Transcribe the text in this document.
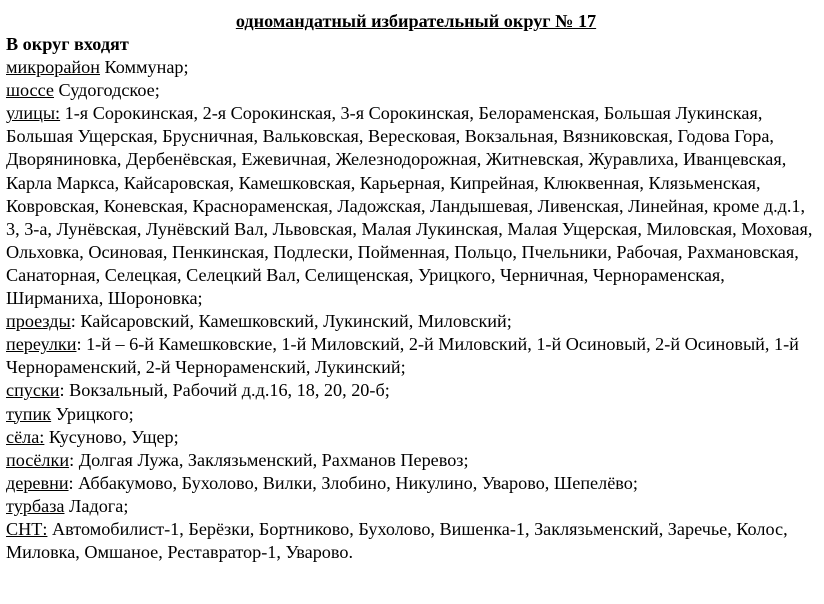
одномандатный избирательный округ № 17

В округ входят

микрорайон Коммунар;

шоссе Судогодское;

улицы: 1-я Сорокинская, 2-я Сорокинская, 3-я Сорокинская, Белораменская, Большая Лукинская, Большая Ущерская, Брусничная, Вальковская, Вересковая, Вокзальная, Вязниковская, Годова Гора, Дворяниновка, Дербенёвская, Ежевичная, Железнодорожная, Житневская, Журавлиха, Иванцевская, Карла Маркса, Кайсаровская, Камешковская, Карьерная, Кипрейная, Клюквенная, Клязьменская, Ковровская, Коневская, Краснораменская, Ладожская, Ландышевая, Ливенская, Линейная, кроме д.д.1, 3, 3-а, Лунёвская, Лунёвский Вал, Львовская, Малая Лукинская, Малая Ущерская, Миловская, Моховая, Ольховка, Осиновая, Пенкинская, Подлески, Пойменная, Польцо, Пчельники, Рабочая, Рахмановская, Санаторная, Селецкая, Селецкий Вал, Селищенская, Урицкого, Черничная, Чернораменская, Ширманиха, Шороновка;

проезды: Кайсаровский, Камешковский, Лукинский, Миловский;

переулки: 1-й – 6-й Камешковские, 1-й Миловский, 2-й Миловский, 1-й Осиновый, 2-й Осиновый, 1-й Чернораменский, 2-й Чернораменский, Лукинский;

спуски: Вокзальный, Рабочий д.д.16, 18, 20, 20-б;

тупик Урицкого;

сёла: Кусуново, Ущер;

посёлки: Долгая Лужа, Заклязьменский, Рахманов Перевоз;

деревни: Аббакумово, Бухолово, Вилки, Злобино, Никулино, Уварово, Шепелёво;

турбаза Ладога;

СНТ: Автомобилист-1, Берёзки, Бортниково, Бухолово, Вишенка-1, Заклязьменский, Заречье, Колос, Миловка, Омшаное, Реставратор-1, Уварово.
